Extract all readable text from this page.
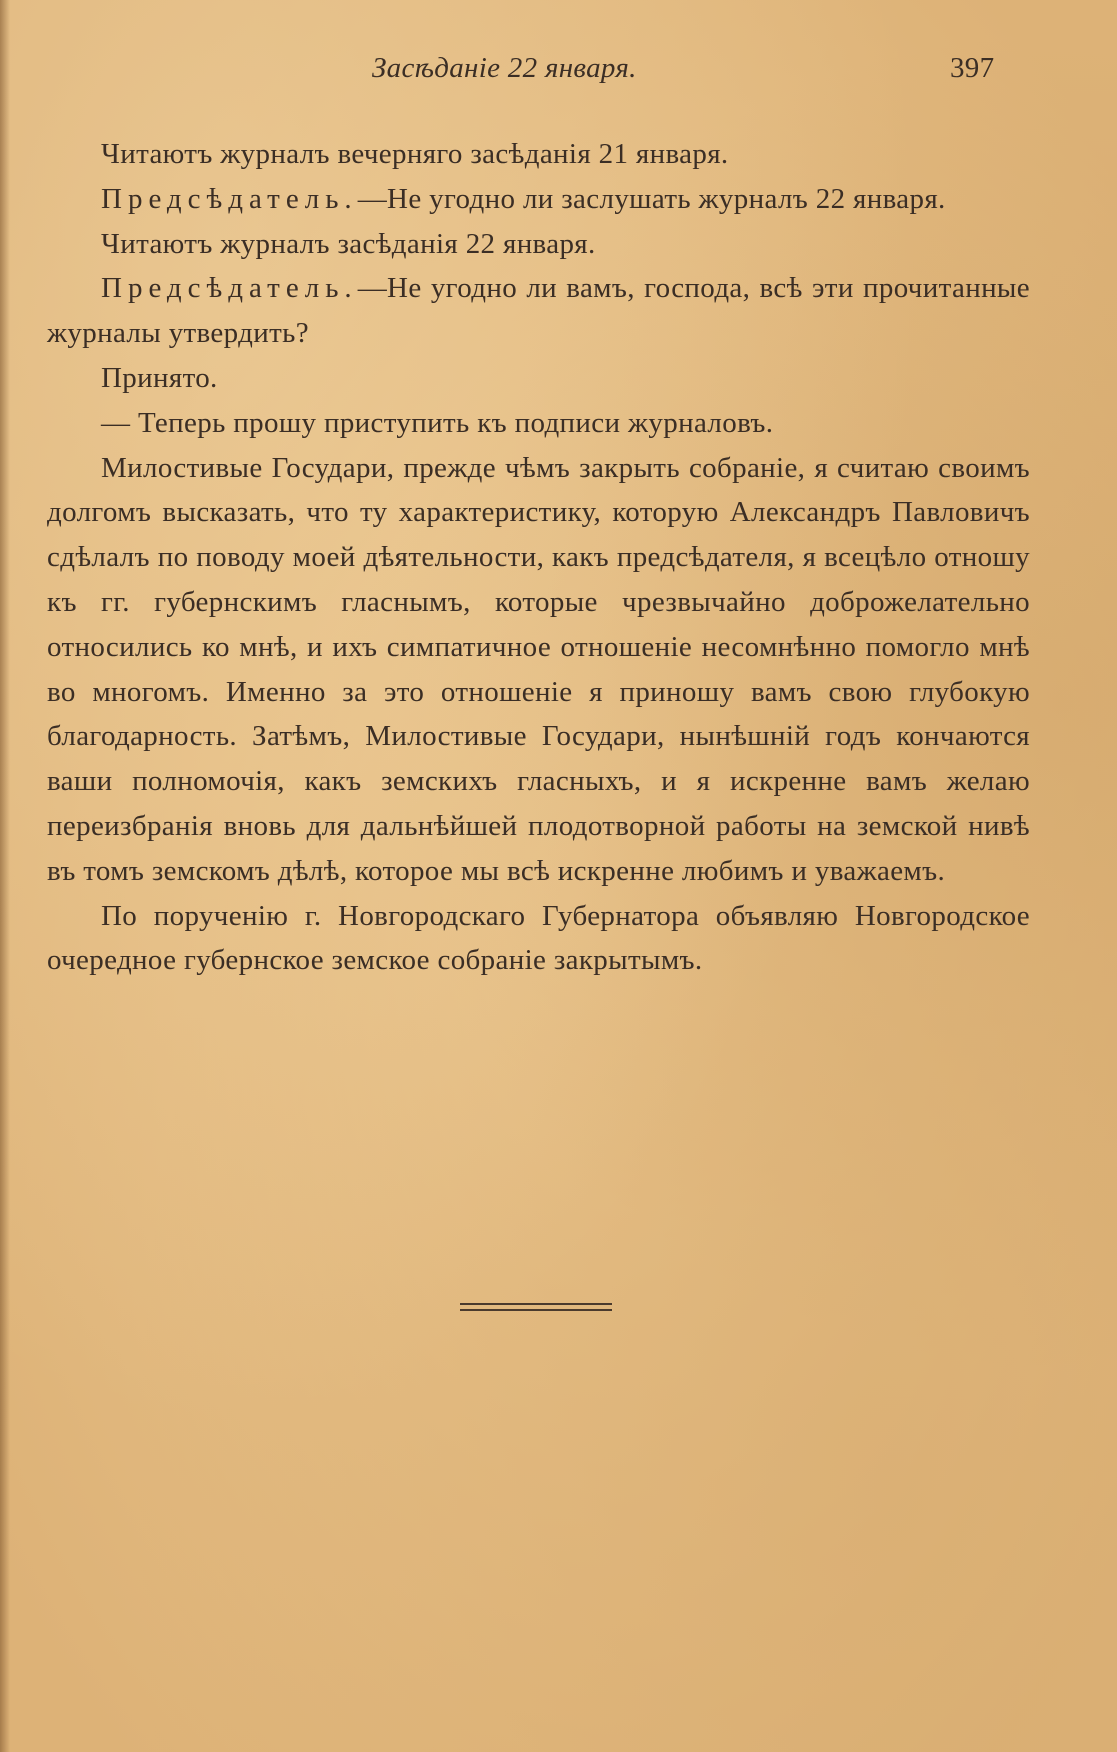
Засѣданіе 22 января.	397

Читаютъ журналъ вечерняго засѣданія 21 января.

Предсѣдатель.—Не угодно ли заслушать журналъ 22 января.

Читаютъ журналъ засѣданія 22 января.

Предсѣдатель.—Не угодно ли вамъ, господа, всѣ эти прочитанные журналы утвердить?

Принято.

— Теперь прошу приступить къ подписи журналовъ.

Милостивые Государи, прежде чѣмъ закрыть собраніе, я считаю своимъ долгомъ высказать, что ту характеристику, которую Александръ Павловичъ сдѣлалъ по поводу моей дѣятельности, какъ предсѣдателя, я всецѣло отношу къ гг. губернскимъ гласнымъ, которые чрезвычайно доброжелательно относились ко мнѣ, и ихъ симпатичное отношеніе несомнѣнно помогло мнѣ во многомъ. Именно за это отношеніе я приношу вамъ свою глубокую благодарность. Затѣмъ, Милостивые Государи, нынѣшній годъ кончаются ваши полномочія, какъ земскихъ гласныхъ, и я искренне вамъ желаю переизбранія вновь для дальнѣйшей плодотворной работы на земской нивѣ въ томъ земскомъ дѣлѣ, которое мы всѣ искренне любимъ и уважаемъ.

По порученію г. Новгородскаго Губернатора объявляю Новгородское очередное губернское земское собраніе закрытымъ.
